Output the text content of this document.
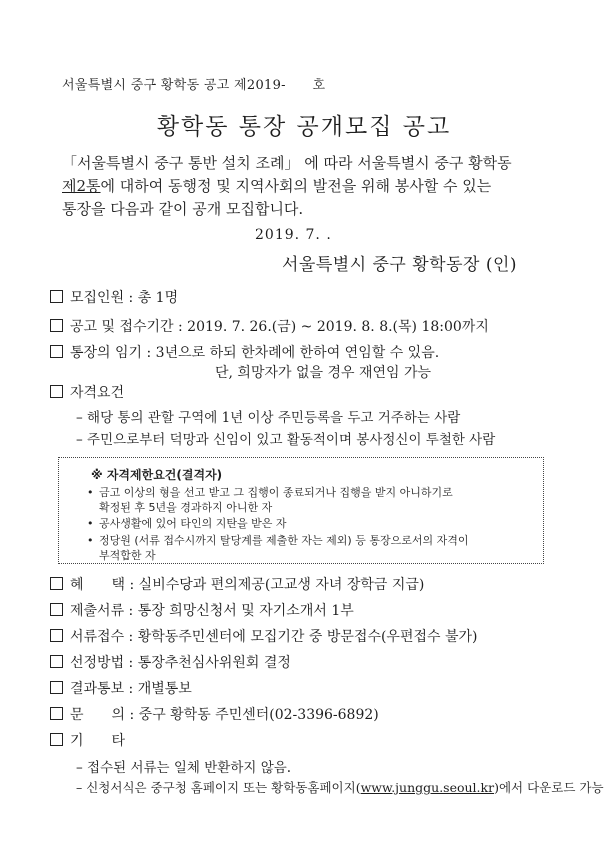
서울특별시 중구 황학동 공고 제2019-　　호
황학동 통장 공개모집 공고
「서울특별시 중구 통반 설치 조례」 에 따라 서울특별시 중구 황학동
제2통에 대하여 동행정 및 지역사회의 발전을 위해 봉사할 수 있는
통장을 다음과 같이 공개 모집합니다.
2019. 7. .
서울특별시 중구 황학동장 (인)
모집인원 : 총 1명
공고 및 접수기간 : 2019. 7. 26.(금) ~ 2019. 8. 8.(목) 18:00까지
통장의 임기 : 3년으로 하되 한차례에 한하여 연임할 수 있음.
단, 희망자가 없을 경우 재연임 가능
자격요건
– 해당 통의 관할 구역에 1년 이상 주민등록을 두고 거주하는 사람
– 주민으로부터 덕망과 신임이 있고 활동적이며 봉사정신이 투철한 사람
※ 자격제한요건(결격자)
• 금고 이상의 형을 선고 받고 그 집행이 종료되거나 집행을 받지 아니하기로
확정된 후 5년을 경과하지 아니한 자
• 공사생활에 있어 타인의 지탄을 받은 자
• 정당원 (서류 접수시까지 탈당계를 제출한 자는 제외) 등 통장으로서의 자격이
부적합한 자
혜　　택 : 실비수당과 편의제공(고교생 자녀 장학금 지급)
제출서류 : 통장 희망신청서 및 자기소개서 1부
서류접수 : 황학동주민센터에 모집기간 중 방문접수(우편접수 불가)
선정방법 : 통장추천심사위원회 결정
결과통보 : 개별통보
문　　의 : 중구 황학동 주민센터(02-3396-6892)
기　　타
– 접수된 서류는 일체 반환하지 않음.
– 신청서식은 중구청 홈페이지 또는 황학동홈페이지(www.junggu.seoul.kr)에서 다운로드 가능
